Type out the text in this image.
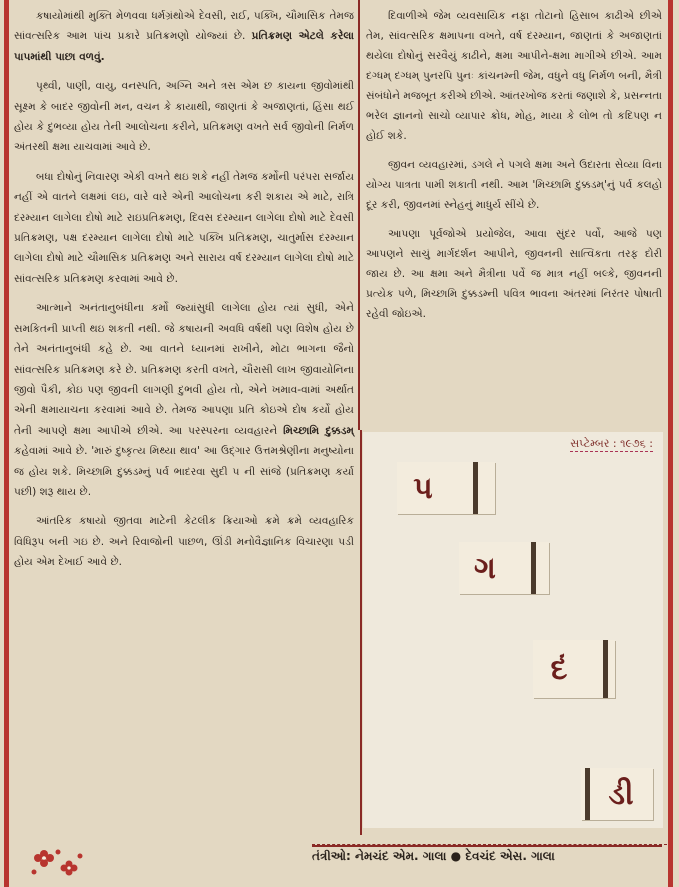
કષાયોમાંથી મુક્તિ મેળવવા ધર્મગ્રંથોએ દેવસી, રાઈ, પક્ખિ, ચૌમાસિક તેમજ સાંવત્સરિક આમ પાંચ પ્રકારે પ્રતિક્રમણો યોજ્યાં છે. પ્રતિક્રમણ એટલે કરેલા પાપમાંથી પાછા વળવું.

પૃથ્વી, પાણી, વાયુ, વનસ્પતિ, અગ્નિ અને ત્રસ એમ છ કાયના જીવોમાંથી સૂક્ષ્મ કે બાદર જીવોની મન, વચન કે કાયાથી, જાણતાં કે અજાણતાં, હિંસા થઈ હોય કે દુભવ્યા હોય તેની આલોચના કરીને, પ્રતિક્રમણ વખતે સર્વ જીવોની નિર્મળ અંતરથી ક્ષમા યાચવામાં આવે છે.

બધા દોષોનું નિવારણ એકી વખતે થઇ શકે નહીં તેમજ કર્મોની પરંપરા સર્જાય નહીં એ વાતને લક્ષમાં લઇ, વારે વારે એની આલોચના કરી શકાય એ માટે, રાત્રિ દરમ્યાન લાગેલા દોષો માટે રાઇપ્રતિક્રમણ, દિવસ દરમ્યાન લાગેલા દોષો માટે દેવસી પ્રતિક્રમણ, પક્ષ દરમ્યાન લાગેલા દોષો માટે પક્ખિ પ્રતિક્રમણ, ચાતુર્માસ દરમ્યાન લાગેલા દોષો માટે ચૌમાસિક પ્રતિક્રમણ અને સારાય વર્ષ દરમ્યાન લાગેલા દોષો માટે સાંવત્સરિક પ્રતિક્રમણ કરવામાં આવે છે.

આત્માને અનંતાનુબંધીના કર્મો જ્યાંસુધી લાગેલા હોય ત્યાં સુધી, એને સમકિતની પ્રાપ્તી થઇ શકતી નથી. જે કષાયની અવધિ વર્ષથી પણ વિશેષ હોય છે તેને અનંતાનુબંધી કહે છે. આ વાતને ધ્યાનમાં રાખીને, મોટા ભાગના જૈનો સાંવત્સરિક પ્રતિક્રમણ કરે છે. પ્રતિક્રમણ કરતી વખતે, ચૌરાસી લાખ જીવાયોનિના જીવો પૈકી, કોઇ પણ જીવની લાગણી દુભવી હોય તો, એને ખમાવ-વામાં અર્થાત એની ક્ષમાયાચના કરવામાં આવે છે. તેમજ આપણા પ્રતિ કોઇએ દોષ કર્યો હોય તેની આપણે ક્ષમા આપીએ છીએ. આ પરસ્પરના વ્યવહારને મિચ્છામિ દુક્કડમ્ કહેવામાં આવે છે. 'મારું દુષ્કૃત્ય મિથ્યા થાવ' આ ઉદ્ગાર ઉત્તમશ્રેણીના મનુષ્યોના જ હોય શકે. મિચ્છામિ દુક્કડમ્નું પર્વ ભાદરવા સુદી ૫ ની સાંજે (પ્રતિક્રમણ કર્યા પછી) શરૂ થાય છે.

આંતરિક કષાયો જીતવા માટેની કેટલીક ક્રિયાઓ ક્રમે ક્રમે વ્યવહારિક વિધિરૂપ બની ગઇ છે. અને રિવાજોની પાછળ, ઊંડી મનોવૈજ્ઞાનિક વિચારણા પડી હોય એમ દેખાઈ આવે છે.

દિવાળીએ જેમ વ્યવસાયિક નફા તોટાનો હિસાબ કાઢીએ છીએ તેમ, સાંવત્સરિક ક્ષમાપના વખતે, વર્ષ દરમ્યાન, જાણતાં કે અજાણતાં થયેલા દોષોનું સરવૈયું કાઢીને, ક્ષમા આપીને-ક્ષમા માગીએ છીએ. આમ દગ્ધમ્ દગ્ધમ્ પુનરપિ પુનઃ કાંચનમ્ની જેમ, વધુને વધુ નિર્મળ બની, મૈત્રી સંબંધોને મજબૂત કરીએ છીએ. આંતરખોજ કરતાં જણાશે કે, પ્રસન્નતા ભરેલ જ્ઞાનનો સાચો વ્યાપાર ક્રોધ, મોહ, માયા કે લોભ તો કદિપણ ન હોઈ શકે.

જીવન વ્યવહારમાં, ડગલે ને પગલે ક્ષમા અને ઉદારતા સેવ્યા વિના યોગ્ય પાત્રતા પામી શકાતી નથી. આમ 'મિચ્છામિ દુક્કડમ્'નું પર્વ કલહો દૂર કરી, જીવનમાં સ્નેહનું માધુર્ય સીંચે છે.

આપણા પૂર્વજોએ પ્રયોજેલ, આવા સુંદર પર્વો, આજે પણ આપણને સાચું માર્ગદર્શન આપીને, જીવનની સાત્વિકતા તરફ દોરી જાય છે. આ ક્ષમા અને મૈત્રીના પર્વે જ માત્ર નહીં બલ્કે, જીવનની પ્રત્યેક પળે, મિચ્છામિ દુક્કડમ્ની પવિત્ર ભાવના અંતરમાં નિરંતર પોષાતી રહેવી જોઇએ.

સપ્ટેમ્બર : ૧૯૭૬ :
પ
ગ
દં
ડી
તંત્રીઓ: નેમચંદ એમ. ગાલા ● દેવચંદ એસ. ગાલા
